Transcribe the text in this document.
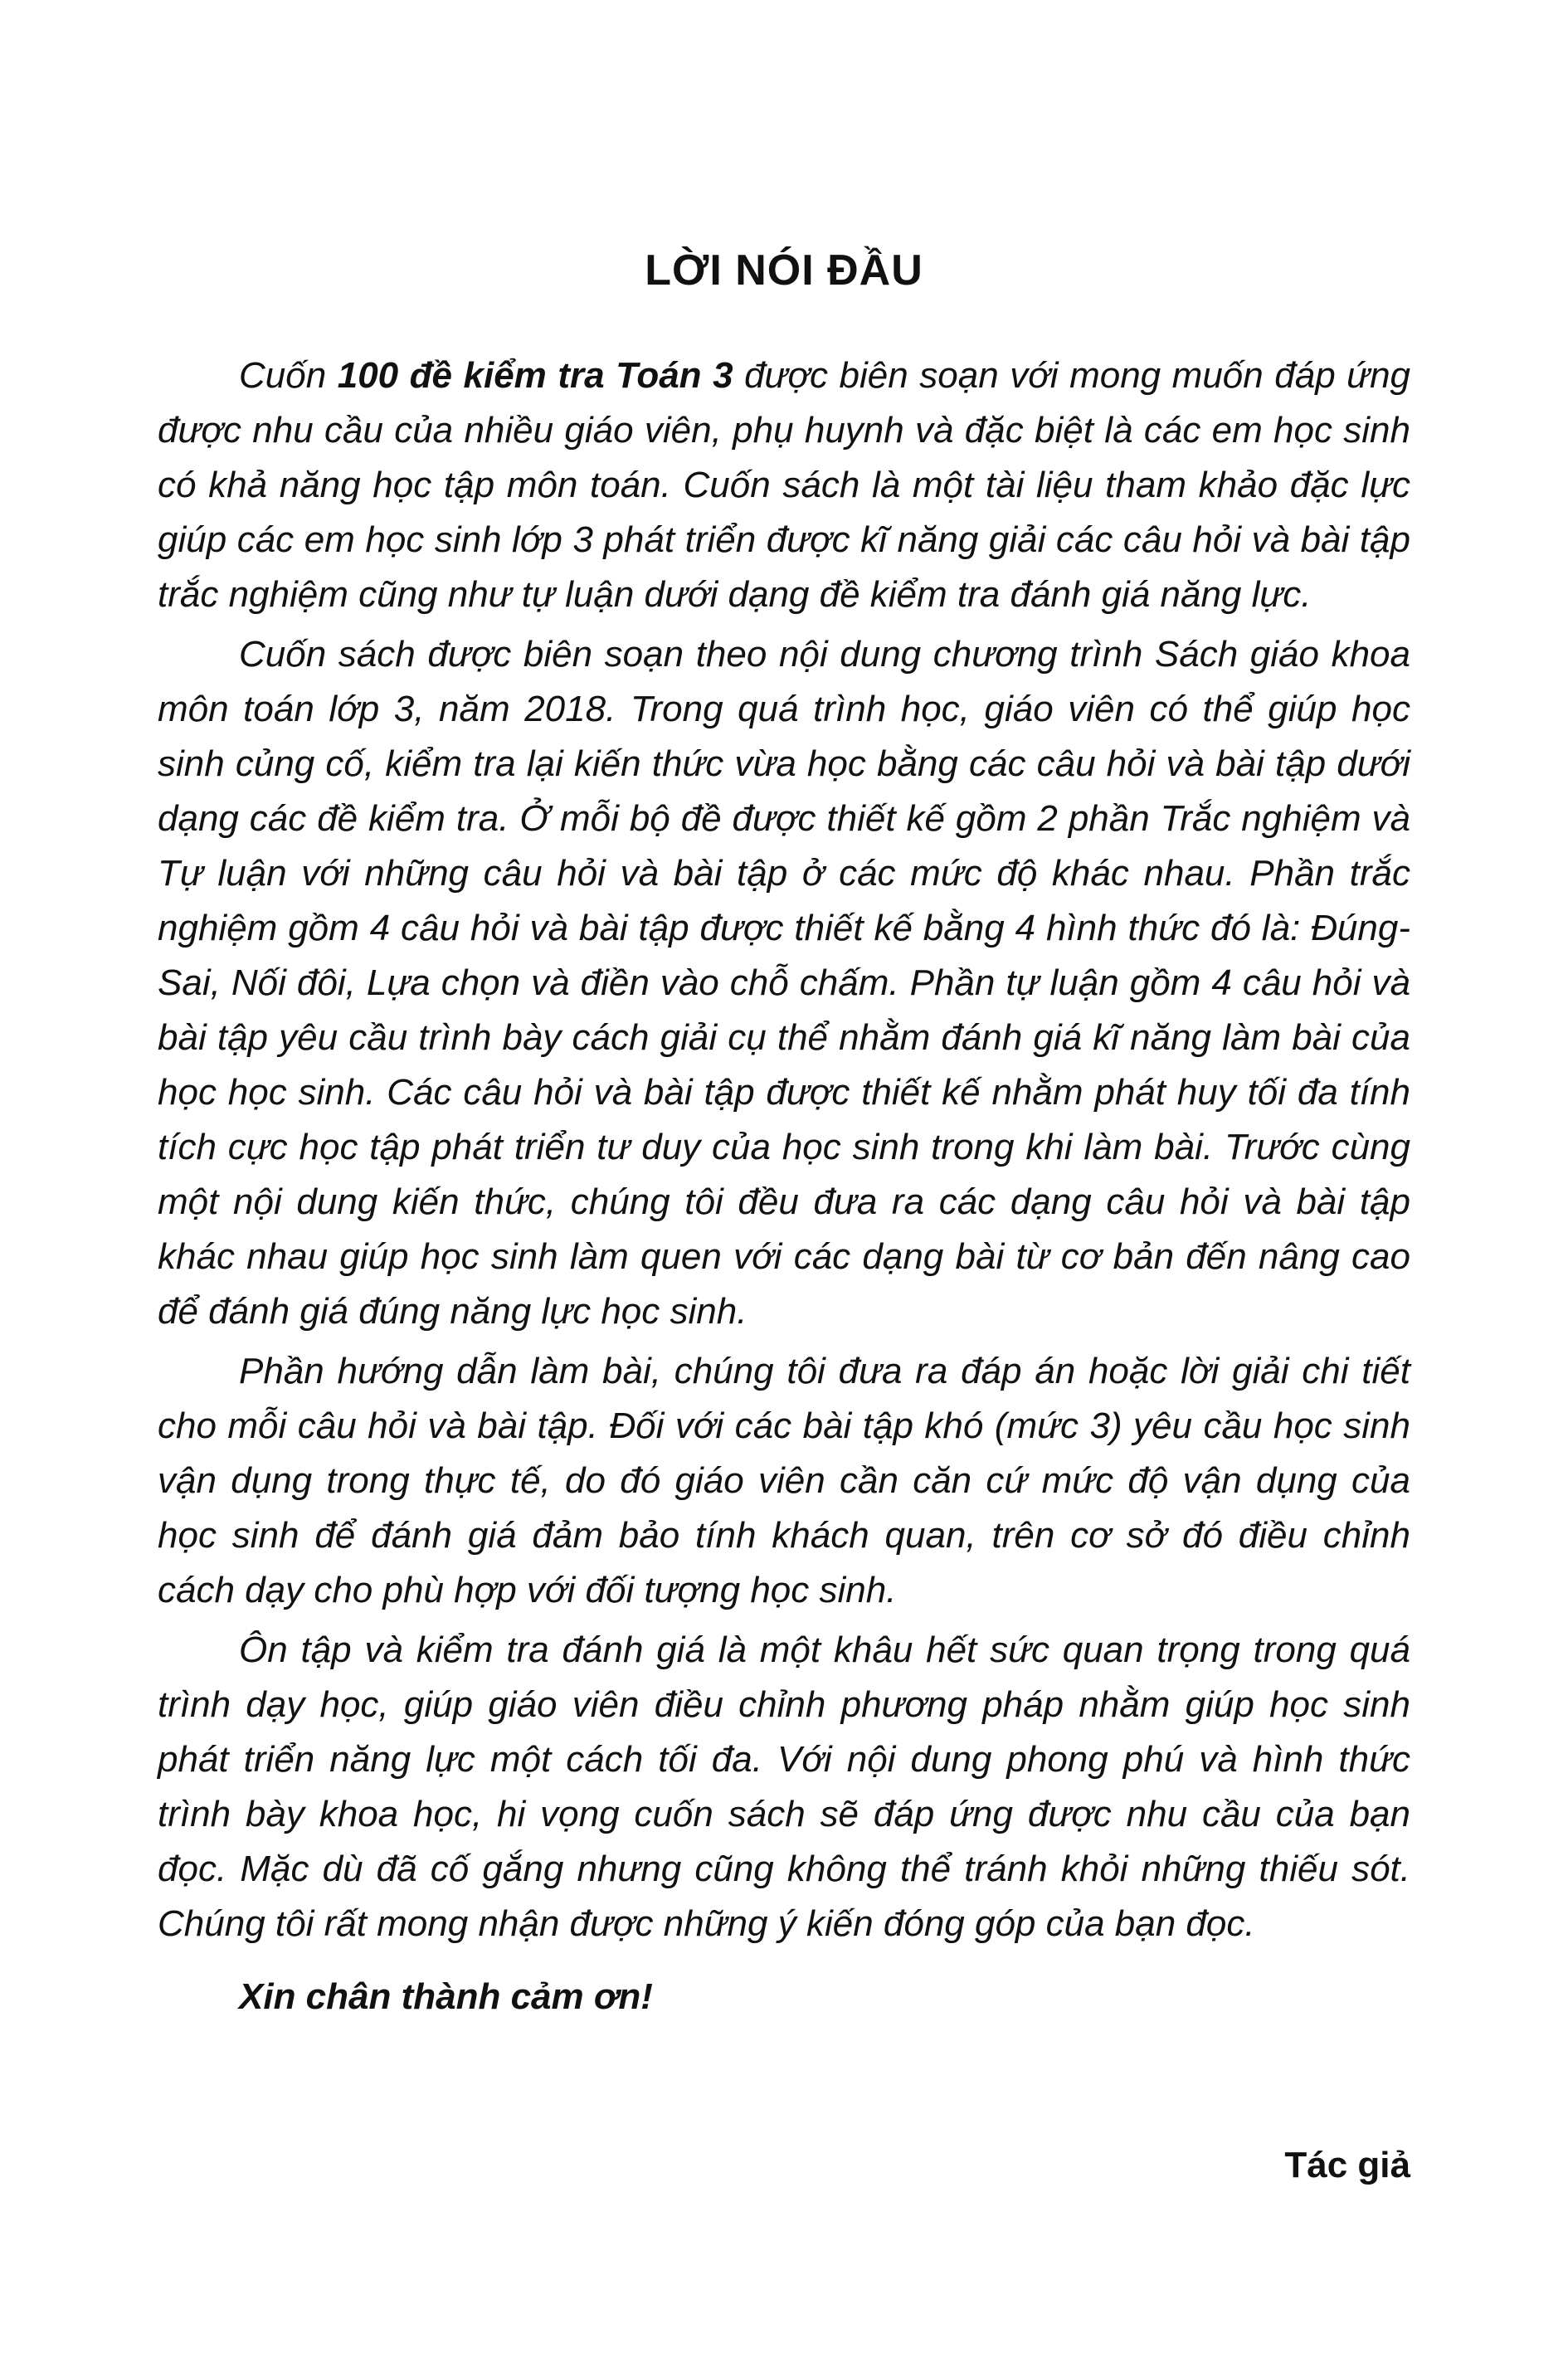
LỜI NÓI ĐẦU

Cuốn 100 đề kiểm tra Toán 3 được biên soạn với mong muốn đáp ứng được nhu cầu của nhiều giáo viên, phụ huynh và đặc biệt là các em học sinh có khả năng học tập môn toán. Cuốn sách là một tài liệu tham khảo đặc lực giúp các em học sinh lớp 3 phát triển được kĩ năng giải các câu hỏi và bài tập trắc nghiệm cũng như tự luận dưới dạng đề kiểm tra đánh giá năng lực.

Cuốn sách được biên soạn theo nội dung chương trình Sách giáo khoa môn toán lớp 3, năm 2018. Trong quá trình học, giáo viên có thể giúp học sinh củng cố, kiểm tra lại kiến thức vừa học bằng các câu hỏi và bài tập dưới dạng các đề kiểm tra. Ở mỗi bộ đề được thiết kế gồm 2 phần Trắc nghiệm và Tự luận với những câu hỏi và bài tập ở các mức độ khác nhau. Phần trắc nghiệm gồm 4 câu hỏi và bài tập được thiết kế bằng 4 hình thức đó là: Đúng-Sai, Nối đôi, Lựa chọn và điền vào chỗ chấm. Phần tự luận gồm 4 câu hỏi và bài tập yêu cầu trình bày cách giải cụ thể nhằm đánh giá kĩ năng làm bài của học học sinh. Các câu hỏi và bài tập được thiết kế nhằm phát huy tối đa tính tích cực học tập phát triển tư duy của học sinh trong khi làm bài. Trước cùng một nội dung kiến thức, chúng tôi đều đưa ra các dạng câu hỏi và bài tập khác nhau giúp học sinh làm quen với các dạng bài từ cơ bản đến nâng cao để đánh giá đúng năng lực học sinh.

Phần hướng dẫn làm bài, chúng tôi đưa ra đáp án hoặc lời giải chi tiết cho mỗi câu hỏi và bài tập. Đối với các bài tập khó (mức 3) yêu cầu học sinh vận dụng trong thực tế, do đó giáo viên cần căn cứ mức độ vận dụng của học sinh để đánh giá đảm bảo tính khách quan, trên cơ sở đó điều chỉnh cách dạy cho phù hợp với đối tượng học sinh.

Ôn tập và kiểm tra đánh giá là một khâu hết sức quan trọng trong quá trình dạy học, giúp giáo viên điều chỉnh phương pháp nhằm giúp học sinh phát triển năng lực một cách tối đa. Với nội dung phong phú và hình thức trình bày khoa học, hi vọng cuốn sách sẽ đáp ứng được nhu cầu của bạn đọc. Mặc dù đã cố gắng nhưng cũng không thể tránh khỏi những thiếu sót. Chúng tôi rất mong nhận được những ý kiến đóng góp của bạn đọc.

Xin chân thành cảm ơn!

Tác giả
